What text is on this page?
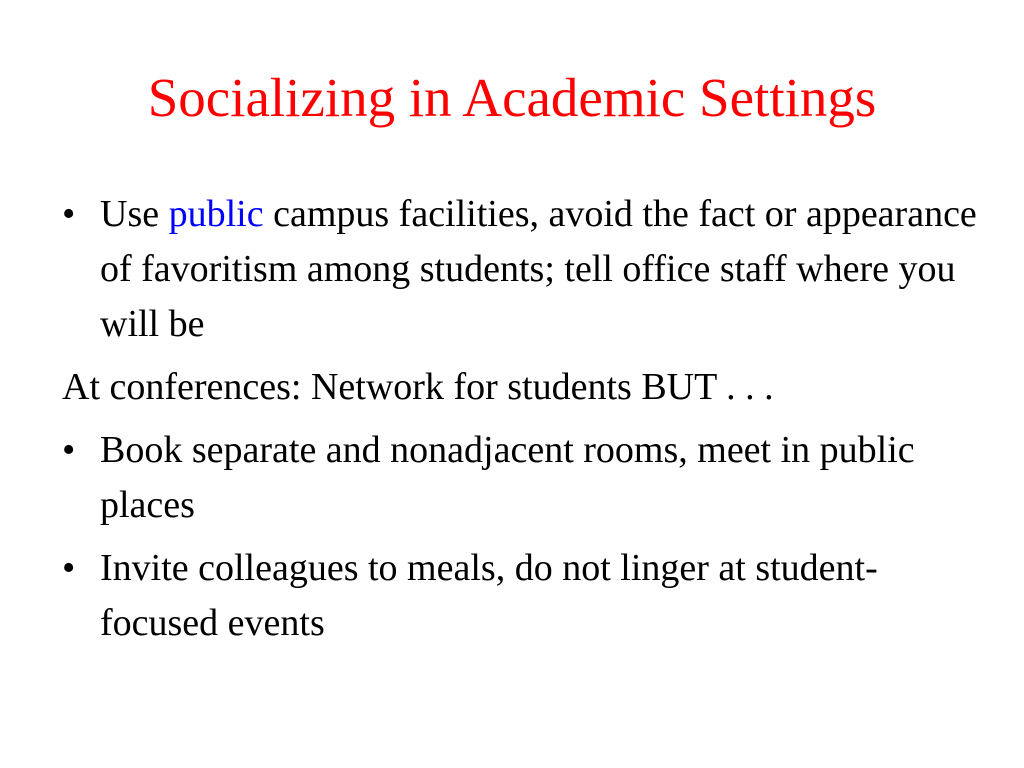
Socializing in Academic Settings
• Use public campus facilities, avoid the fact or appearance of favoritism among students; tell office staff where you will be
At conferences: Network for students BUT . . .
• Book separate and nonadjacent rooms, meet in public places
• Invite colleagues to meals, do not linger at student-focused events
